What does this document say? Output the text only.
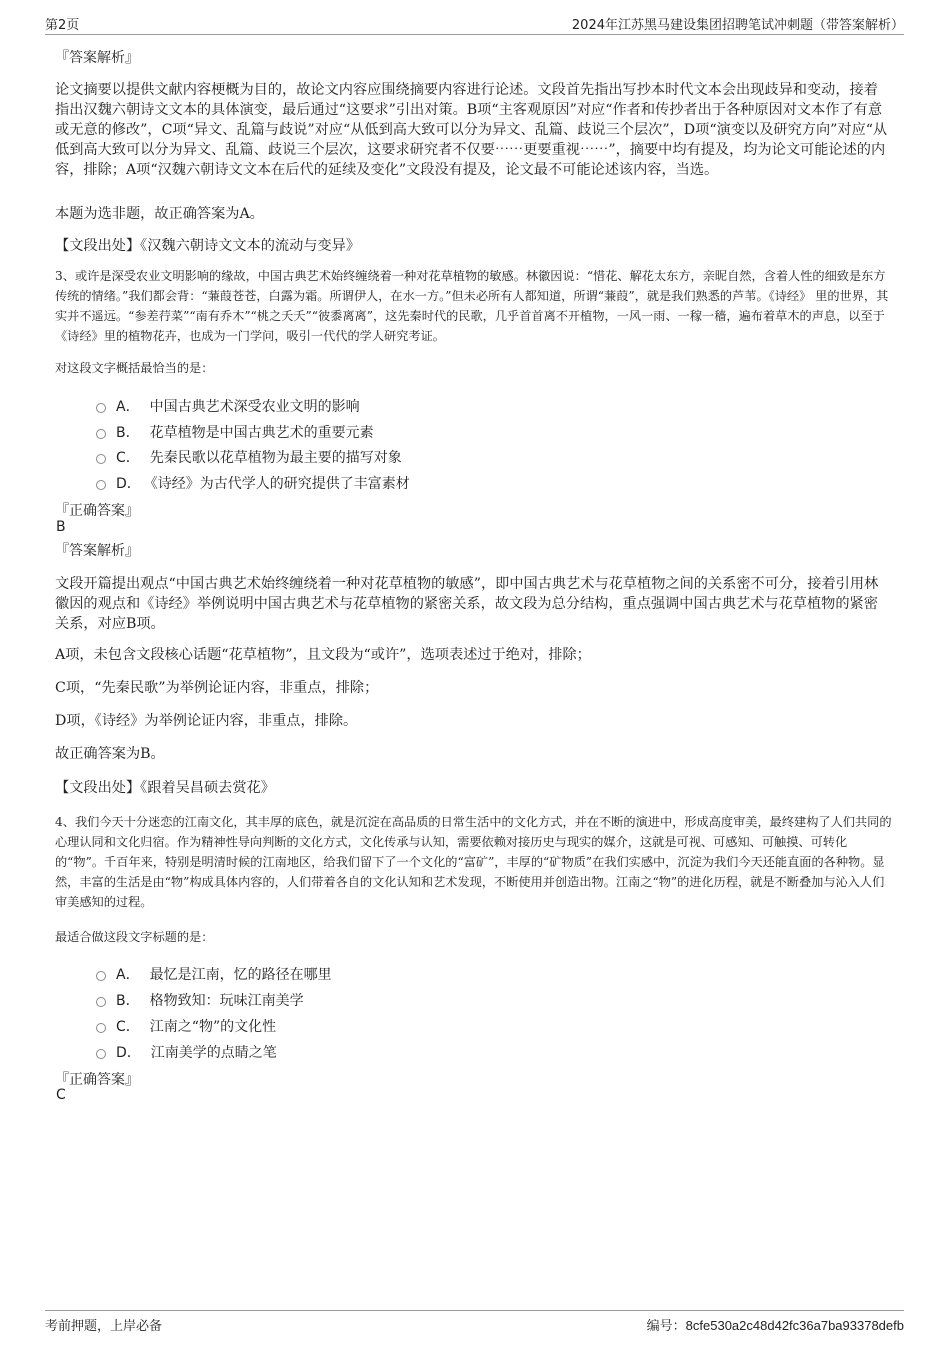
第2页	2024年江苏黑马建设集团招聘笔试冲刺题（带答案解析）
『答案解析』

论文摘要以提供文献内容梗概为目的，故论文内容应围绕摘要内容进行论述。文段首先指出写抄本时代文本会出现歧异和变动，接着指出汉魏六朝诗文文本的具体演变，最后通过“这要求”引出对策。B项“主客观原因”对应“作者和传抄者出于各种原因对文本作了有意或无意的修改”，C项“异文、乱篇与歧说”对应“从低到高大致可以分为异文、乱篇、歧说三个层次”，D项“演变以及研究方向”对应“从低到高大致可以分为异文、乱篇、歧说三个层次，这要求研究者不仅要⋯⋯更要重视⋯⋯”，摘要中均有提及，均为论文可能论述的内容，排除；A项“汉魏六朝诗文文本在后代的延续及变化”文段没有提及，论文最不可能论述该内容，当选。

本题为选非题，故正确答案为A。
【文段出处】《汉魏六朝诗文文本的流动与变异》

3、或许是深受农业文明影响的缘故，中国古典艺术始终缠绕着一种对花草植物的敏感。林徽因说：“惜花、解花太东方，亲昵自然，含着人性的细致是东方传统的情绪。”我们都会背：“蒹葭苍苍，白露为霜。所谓伊人，在水一方。”但未必所有人都知道，所谓“蒹葭”，就是我们熟悉的芦苇。《诗经》 里的世界，其实并不遥远。“参差荇菜”“南有乔木”“桃之夭夭”“彼黍离离”，这先秦时代的民歌，几乎首首离不开植物，一风一雨、一稼一穑，遍布着草木的声息，以至于《诗经》里的植物花卉，也成为一门学问，吸引一代代的学人研究考证。

对这段文字概括最恰当的是：
A． 中国古典艺术深受农业文明的影响
B． 花草植物是中国古典艺术的重要元素
C． 先秦民歌以花草植物为最主要的描写对象
D． 《诗经》为古代学人的研究提供了丰富素材
『正确答案』
B
『答案解析』

文段开篇提出观点“中国古典艺术始终缠绕着一种对花草植物的敏感”，即中国古典艺术与花草植物之间的关系密不可分，接着引用林徽因的观点和《诗经》举例说明中国古典艺术与花草植物的紧密关系，故文段为总分结构，重点强调中国古典艺术与花草植物的紧密关系，对应B项。

A项，未包含文段核心话题“花草植物”，且文段为“或许”，选项表述过于绝对，排除；
C项，“先秦民歌”为举例论证内容，非重点，排除；
D项，《诗经》为举例论证内容，非重点，排除。
故正确答案为B。
【文段出处】《跟着吴昌硕去赏花》

4、我们今天十分迷恋的江南文化，其丰厚的底色，就是沉淀在高品质的日常生活中的文化方式，并在不断的演进中，形成高度审美，最终建构了人们共同的心理认同和文化归宿。作为精神性导向判断的文化方式，文化传承与认知，需要依赖对接历史与现实的媒介，这就是可视、可感知、可触摸、可转化的“物”。千百年来，特别是明清时候的江南地区，给我们留下了一个文化的“富矿”，丰厚的“矿物质”在我们实感中，沉淀为我们今天还能直面的各种物。显然，丰富的生活是由“物”构成具体内容的，人们带着各自的文化认知和艺术发现，不断使用并创造出物。江南之“物”的进化历程，就是不断叠加与沁入人们审美感知的过程。

最适合做这段文字标题的是：
A． 最忆是江南，忆的路径在哪里
B． 格物致知：玩味江南美学
C． 江南之“物”的文化性
D． 江南美学的点睛之笔
『正确答案』
C
考前押题，上岸必备	编号：8cfe530a2c48d42fc36a7ba93378defb
